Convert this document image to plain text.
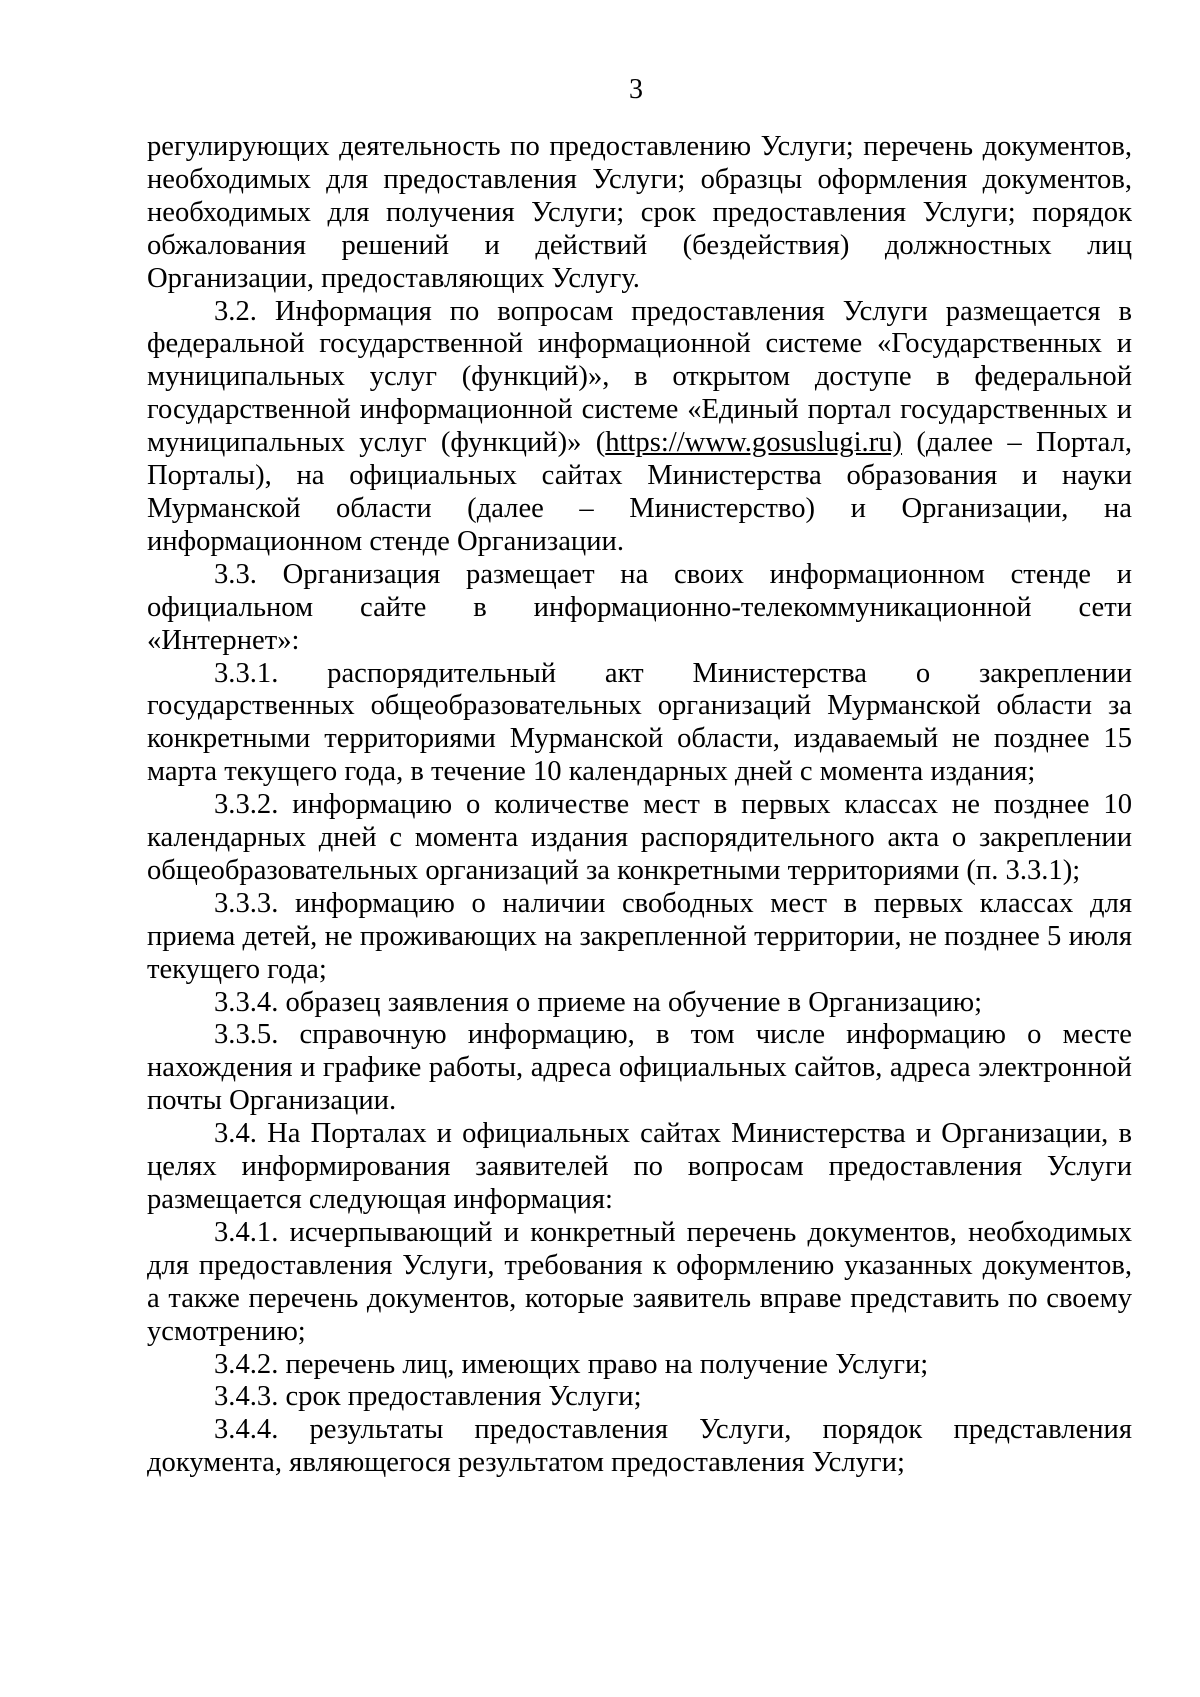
3

регулирующих деятельность по предоставлению Услуги; перечень документов, необходимых для предоставления Услуги; образцы оформления документов, необходимых для получения Услуги; срок предоставления Услуги; порядок обжалования решений и действий (бездействия) должностных лиц Организации, предоставляющих Услугу.

3.2. Информация по вопросам предоставления Услуги размещается в федеральной государственной информационной системе «Государственных и муниципальных услуг (функций)», в открытом доступе в федеральной государственной информационной системе «Единый портал государственных и муниципальных услуг (функций)» (https://www.gosuslugi.ru) (далее – Портал, Порталы), на официальных сайтах Министерства образования и науки Мурманской области (далее – Министерство) и Организации, на информационном стенде Организации.

3.3. Организация размещает на своих информационном стенде и официальном сайте в информационно-телекоммуникационной сети «Интернет»:

3.3.1. распорядительный акт Министерства о закреплении государственных общеобразовательных организаций Мурманской области за конкретными территориями Мурманской области, издаваемый не позднее 15 марта текущего года, в течение 10 календарных дней с момента издания;

3.3.2. информацию о количестве мест в первых классах не позднее 10 календарных дней с момента издания распорядительного акта о закреплении общеобразовательных организаций за конкретными территориями (п. 3.3.1);

3.3.3. информацию о наличии свободных мест в первых классах для приема детей, не проживающих на закрепленной территории, не позднее 5 июля текущего года;

3.3.4. образец заявления о приеме на обучение в Организацию;

3.3.5. справочную информацию, в том числе информацию о месте нахождения и графике работы, адреса официальных сайтов, адреса электронной почты Организации.

3.4. На Порталах и официальных сайтах Министерства и Организации, в целях информирования заявителей по вопросам предоставления Услуги размещается следующая информация:

3.4.1. исчерпывающий и конкретный перечень документов, необходимых для предоставления Услуги, требования к оформлению указанных документов, а также перечень документов, которые заявитель вправе представить по своему усмотрению;

3.4.2. перечень лиц, имеющих право на получение Услуги;

3.4.3. срок предоставления Услуги;

3.4.4. результаты предоставления Услуги, порядок представления документа, являющегося результатом предоставления Услуги;
